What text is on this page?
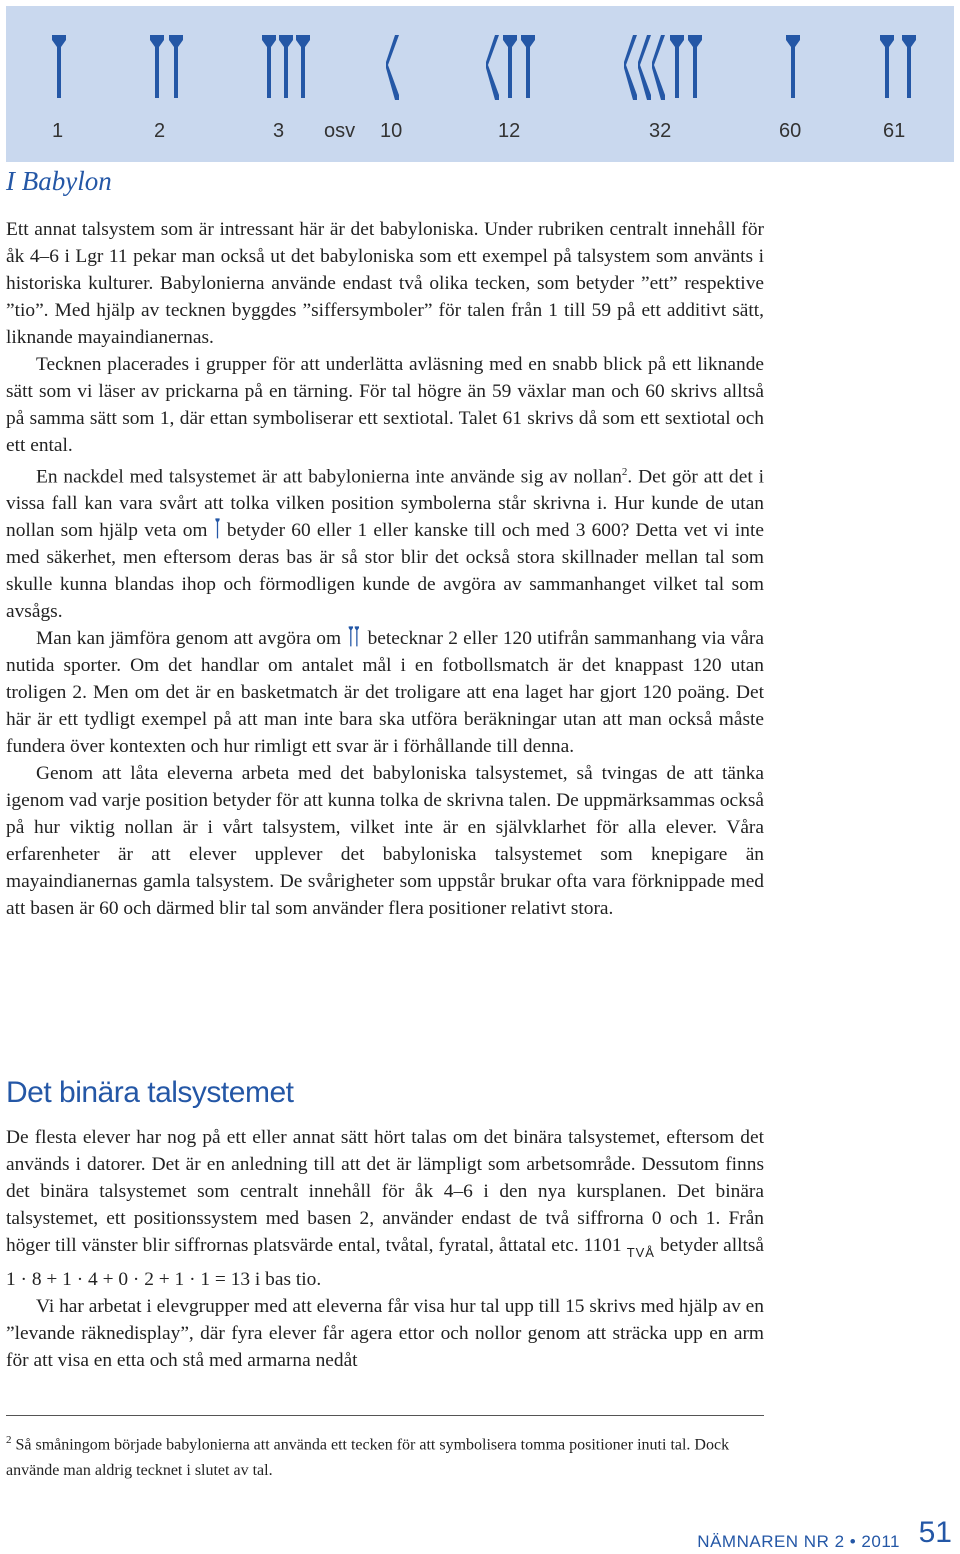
1	2	3 osv 10	12	32	60	61
I Babylon

Ett annat talsystem som är intressant här är det babyloniska. Under rubriken centralt innehåll för åk 4–6 i Lgr 11 pekar man också ut det babyloniska som ett exempel på talsystem som använts i historiska kulturer. Babylonierna använde endast två olika tecken, som betyder ”ett” respektive ”tio”. Med hjälp av tecknen byggdes ”siffersymboler” för talen från 1 till 59 på ett additivt sätt, liknande mayaindianernas.

Tecknen placerades i grupper för att underlätta avläsning med en snabb blick på ett liknande sätt som vi läser av prickarna på en tärning. För tal högre än 59 växlar man och 60 skrivs alltså på samma sätt som 1, där ettan symboliserar ett sextiotal. Talet 61 skrivs då som ett sextiotal och ett ental.

En nackdel med talsystemet är att babylonierna inte använde sig av nollan$^2$. Det gör att det i vissa fall kan vara svårt att tolka vilken position symbolerna står skrivna i. Hur kunde de utan nollan som hjälp veta om betyder 60 eller 1 eller kanske till och med 3 600? Detta vet vi inte med säkerhet, men eftersom deras bas är så stor blir det också stora skillnader mellan tal som skulle kunna blandas ihop och förmodligen kunde de avgöra av sammanhanget vilket tal som avsågs.

Man kan jämföra genom att avgöra om betecknar 2 eller 120 utifrån sammanhang via våra nutida sporter. Om det handlar om antalet mål i en fotbollsmatch är det knappast 120 utan troligen 2. Men om det är en basketmatch är det troligare att ena laget har gjort 120 poäng. Det här är ett tydligt exempel på att man inte bara ska utföra beräkningar utan att man också måste fundera över kontexten och hur rimligt ett svar är i förhållande till denna.

Genom att låta eleverna arbeta med det babyloniska talsystemet, så tvingas de att tänka igenom vad varje position betyder för att kunna tolka de skrivna talen. De uppmärksammas också på hur viktig nollan är i vårt talsystem, vilket inte är en självklarhet för alla elever. Våra erfarenheter är att elever upplever det babyloniska talsystemet som knepigare än mayaindianernas gamla talsystem. De svårigheter som uppstår brukar ofta vara förknippade med att basen är 60 och därmed blir tal som använder flera positioner relativt stora.

Det binära talsystemet

De flesta elever har nog på ett eller annat sätt hört talas om det binära talsystemet, eftersom det används i datorer. Det är en anledning till att det är lämpligt som arbetsområde. Dessutom finns det binära talsystemet som centralt innehåll för åk 4–6 i den nya kursplanen. Det binära talsystemet, ett positionssystem med basen 2, använder endast de två siffrorna 0 och 1. Från höger till vänster blir siffrornas platsvärde ental, tvåtal, fyratal, åttatal etc. 1101 $_{TVÅ}$ betyder alltså 1 · 8 + 1 · 4 + 0 · 2 + 1 · 1 = 13 i bas tio.

Vi har arbetat i elevgrupper med att eleverna får visa hur tal upp till 15 skrivs med hjälp av en ”levande räknedisplay”, där fyra elever får agera ettor och nollor genom att sträcka upp en arm för att visa en etta och stå med armarna nedåt

$^2$ Så småningom började babylonierna att använda ett tecken för att symbolisera tomma positioner inuti tal. Dock använde man aldrig tecknet i slutet av tal.
NÄMNAREN NR 2 • 2011 51
